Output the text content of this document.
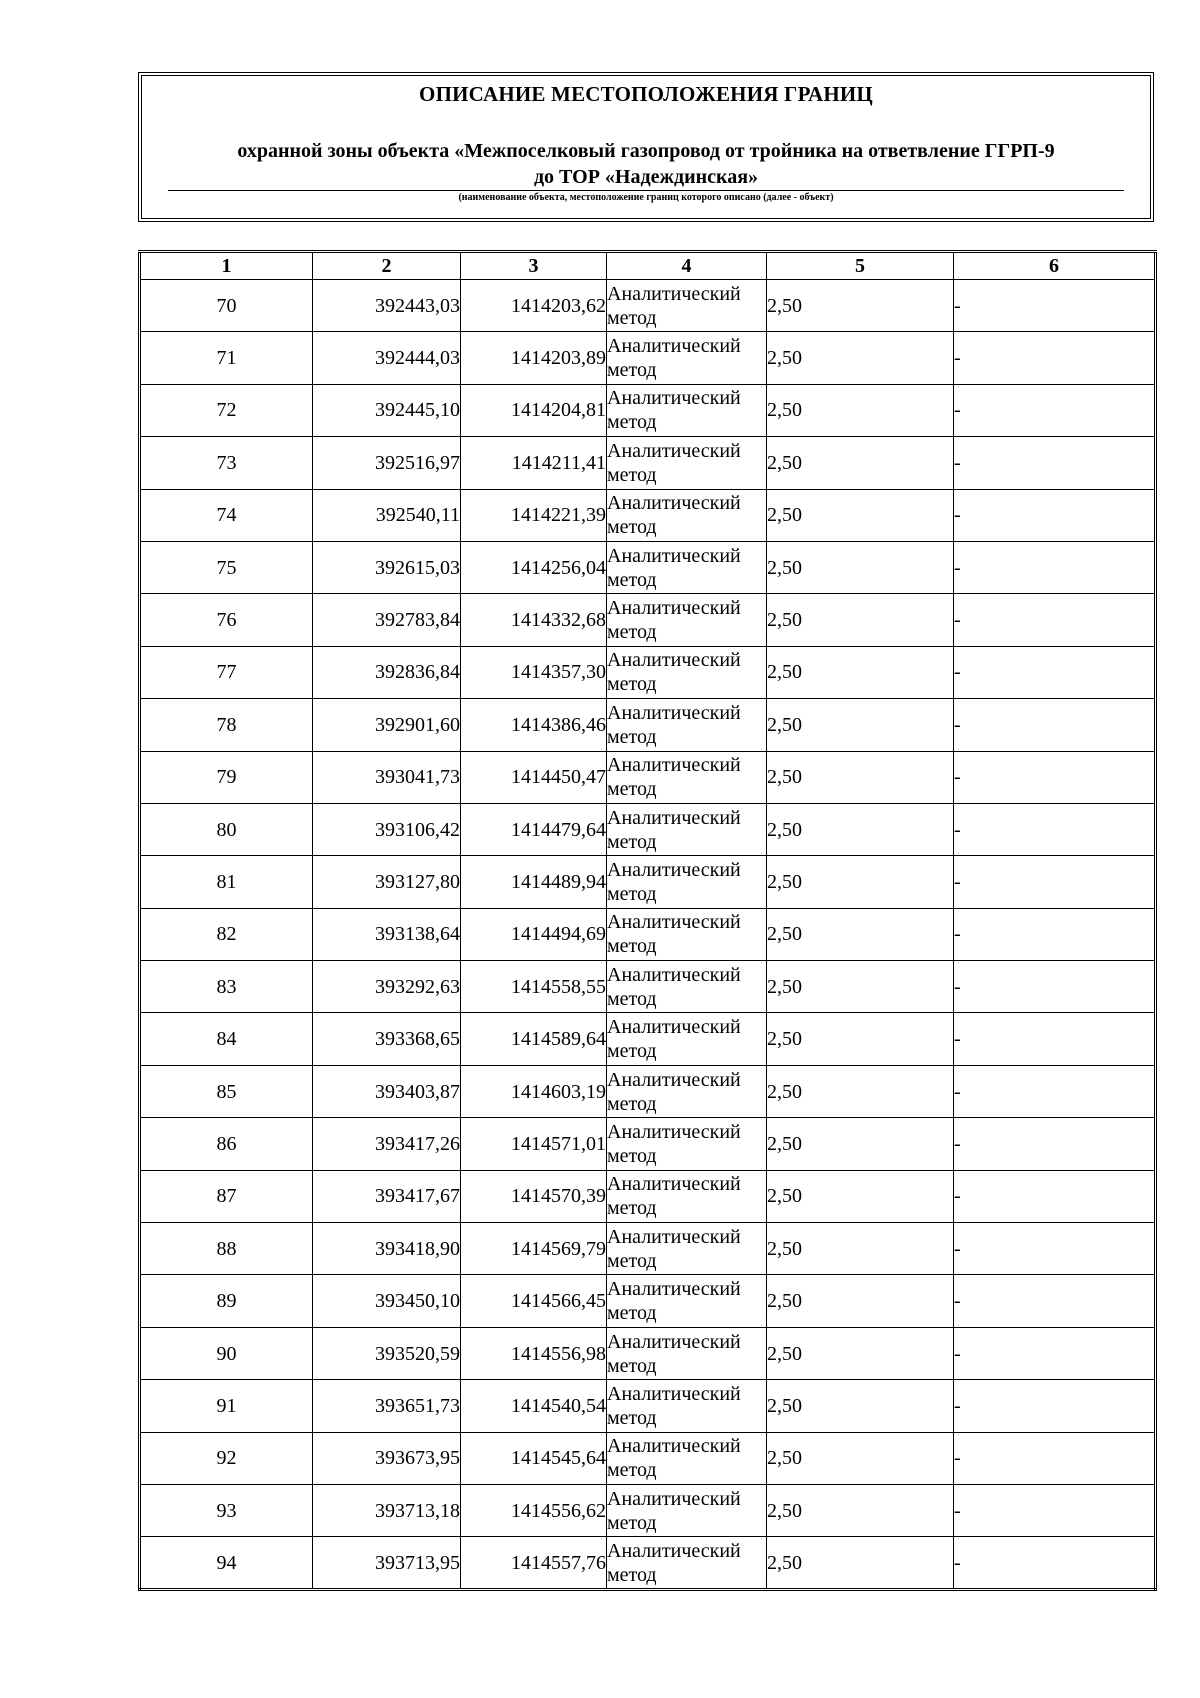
ОПИСАНИЕ МЕСТОПОЛОЖЕНИЯ ГРАНИЦ
охранной зоны объекта «Межпоселковый газопровод от тройника на ответвление ГГРП-9
до ТОР «Надеждинская»
(наименование объекта, местоположение границ которого описано (далее - объект)
1	2	3	4	5	6
70	392443,03	1414203,62	Аналитический метод	2,50	-
71	392444,03	1414203,89	Аналитический метод	2,50	-
72	392445,10	1414204,81	Аналитический метод	2,50	-
73	392516,97	1414211,41	Аналитический метод	2,50	-
74	392540,11	1414221,39	Аналитический метод	2,50	-
75	392615,03	1414256,04	Аналитический метод	2,50	-
76	392783,84	1414332,68	Аналитический метод	2,50	-
77	392836,84	1414357,30	Аналитический метод	2,50	-
78	392901,60	1414386,46	Аналитический метод	2,50	-
79	393041,73	1414450,47	Аналитический метод	2,50	-
80	393106,42	1414479,64	Аналитический метод	2,50	-
81	393127,80	1414489,94	Аналитический метод	2,50	-
82	393138,64	1414494,69	Аналитический метод	2,50	-
83	393292,63	1414558,55	Аналитический метод	2,50	-
84	393368,65	1414589,64	Аналитический метод	2,50	-
85	393403,87	1414603,19	Аналитический метод	2,50	-
86	393417,26	1414571,01	Аналитический метод	2,50	-
87	393417,67	1414570,39	Аналитический метод	2,50	-
88	393418,90	1414569,79	Аналитический метод	2,50	-
89	393450,10	1414566,45	Аналитический метод	2,50	-
90	393520,59	1414556,98	Аналитический метод	2,50	-
91	393651,73	1414540,54	Аналитический метод	2,50	-
92	393673,95	1414545,64	Аналитический метод	2,50	-
93	393713,18	1414556,62	Аналитический метод	2,50	-
94	393713,95	1414557,76	Аналитический метод	2,50	-
